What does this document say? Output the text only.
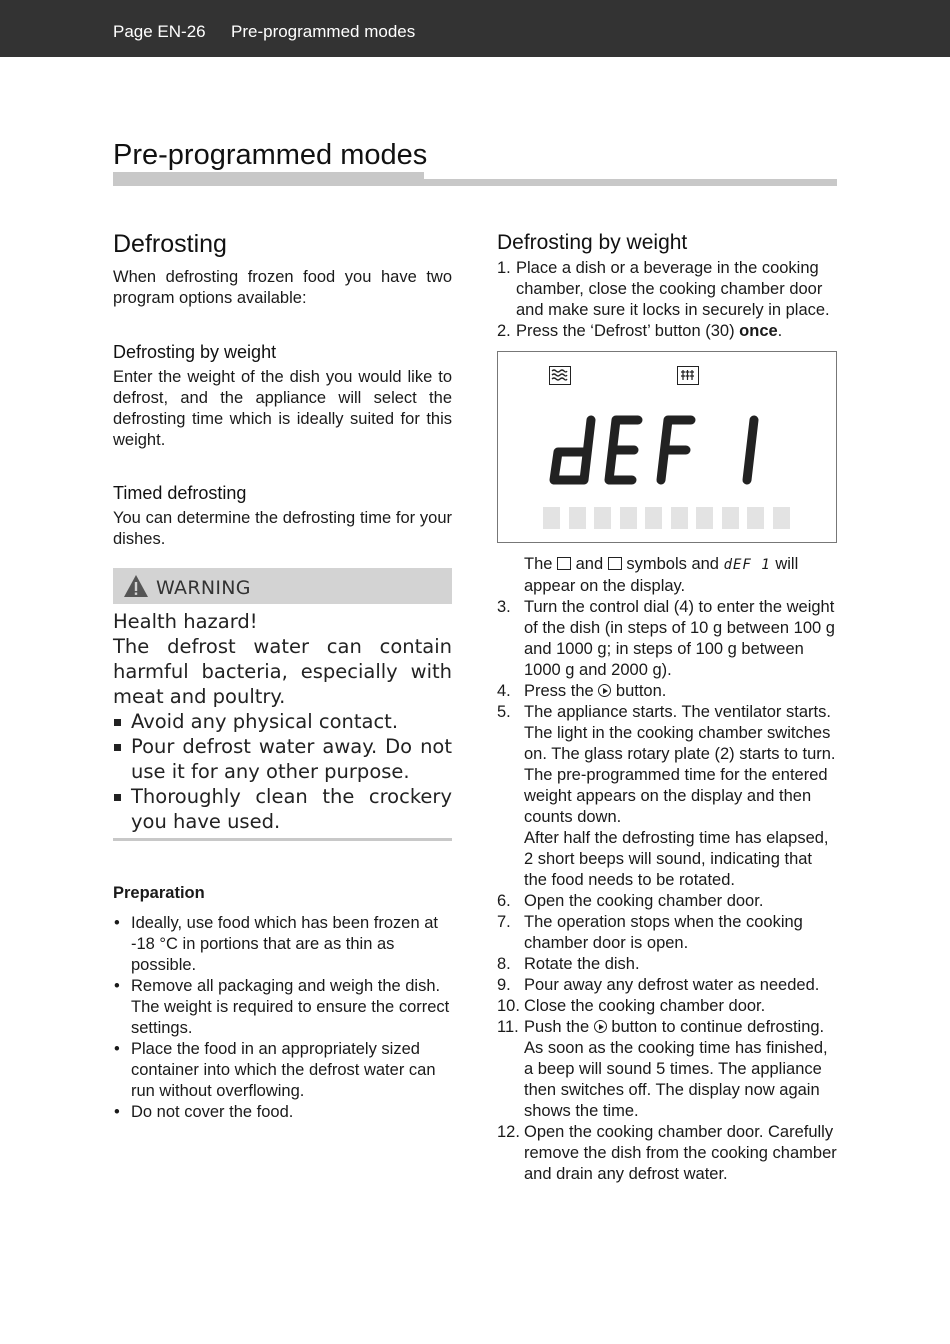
Page EN-26 Pre-programmed modes
Pre-programmed modes
Defrosting

When defrosting frozen food you have two program options available:

Defrosting by weight

Enter the weight of the dish you would like to defrost, and the appliance will select the defrosting time which is ideally suited for this weight.

Timed defrosting

You can determine the defrosting time for your dishes.

WARNING
Health hazard!
The defrost water can contain harmful bacteria, especially with meat and poultry.
Avoid any physical contact.
Pour defrost water away. Do not use it for any other purpose.
Thoroughly clean the crockery you have used.
Preparation
• Ideally, use food which has been frozen at -18 °C in portions that are as thin as possible.
• Remove all packaging and weigh the dish. The weight is required to ensure the correct settings.
• Place the food in an appropriately sized container into which the defrost water can run without overflowing.
• Do not cover the food.
Defrosting by weight
1. Place a dish or a beverage in the cooking chamber, close the cooking chamber door and make sure it locks in securely in place.
2. Press the ‘Defrost’ button (30) once.
The and symbols and dEF 1 will appear on the display.
3. Turn the control dial (4) to enter the weight of the dish (in steps of 10 g between 100 g and 1000 g; in steps of 100 g between 1000 g and 2000 g).
4. Press the button.
5. The appliance starts. The ventilator starts. The light in the cooking chamber switches on. The glass rotary plate (2) starts to turn. The pre-programmed time for the entered weight appears on the display and then counts down.
After half the defrosting time has elapsed, 2 short beeps will sound, indicating that the food needs to be rotated.
6. Open the cooking chamber door.
7. The operation stops when the cooking chamber door is open.
8. Rotate the dish.
9. Pour away any defrost water as needed.
10. Close the cooking chamber door.
11. Push the button to continue defrosting.
As soon as the cooking time has finished, a beep will sound 5 times. The appliance then switches off. The display now again shows the time.
12. Open the cooking chamber door. Carefully remove the dish from the cooking chamber and drain any defrost water.
